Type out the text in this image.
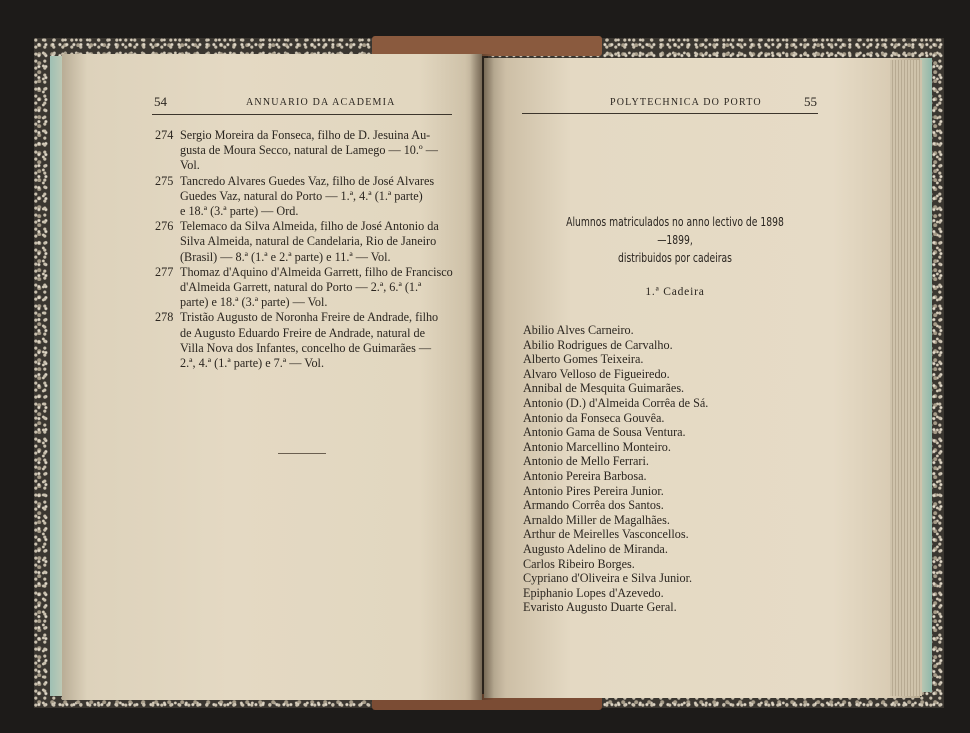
54	ANNUARIO DA ACADEMIA
274 Sergio Moreira da Fonseca, filho de D. Jesuina Au-
gusta de Moura Secco, natural de Lamego — 10.º —
Vol.
275 Tancredo Alvares Guedes Vaz, filho de José Alvares
Guedes Vaz, natural do Porto — 1.ª, 4.ª (1.ª parte)
e 18.ª (3.ª parte) — Ord.
276 Telemaco da Silva Almeida, filho de José Antonio da
Silva Almeida, natural de Candelaria, Rio de Janeiro
(Brasil) — 8.ª (1.ª e 2.ª parte) e 11.ª — Vol.
277 Thomaz d'Aquino d'Almeida Garrett, filho de Francisco
d'Almeida Garrett, natural do Porto — 2.ª, 6.ª (1.ª
parte) e 18.ª (3.ª parte) — Vol.
278 Tristão Augusto de Noronha Freire de Andrade, filho
de Augusto Eduardo Freire de Andrade, natural de
Villa Nova dos Infantes, concelho de Guimarães —
2.ª, 4.ª (1.ª parte) e 7.ª — Vol.
POLYTECHNICA DO PORTO	55
Alumnos matriculados no anno lectivo de 1898—1899,
distribuidos por cadeiras
1.ª Cadeira
Abilio Alves Carneiro.
Abilio Rodrigues de Carvalho.
Alberto Gomes Teixeira.
Alvaro Velloso de Figueiredo.
Annibal de Mesquita Guimarães.
Antonio (D.) d'Almeida Corrêa de Sá.
Antonio da Fonseca Gouvêa.
Antonio Gama de Sousa Ventura.
Antonio Marcellino Monteiro.
Antonio de Mello Ferrari.
Antonio Pereira Barbosa.
Antonio Pires Pereira Junior.
Armando Corrêa dos Santos.
Arnaldo Miller de Magalhães.
Arthur de Meirelles Vasconcellos.
Augusto Adelino de Miranda.
Carlos Ribeiro Borges.
Cypriano d'Oliveira e Silva Junior.
Epiphanio Lopes d'Azevedo.
Evaristo Augusto Duarte Geral.
